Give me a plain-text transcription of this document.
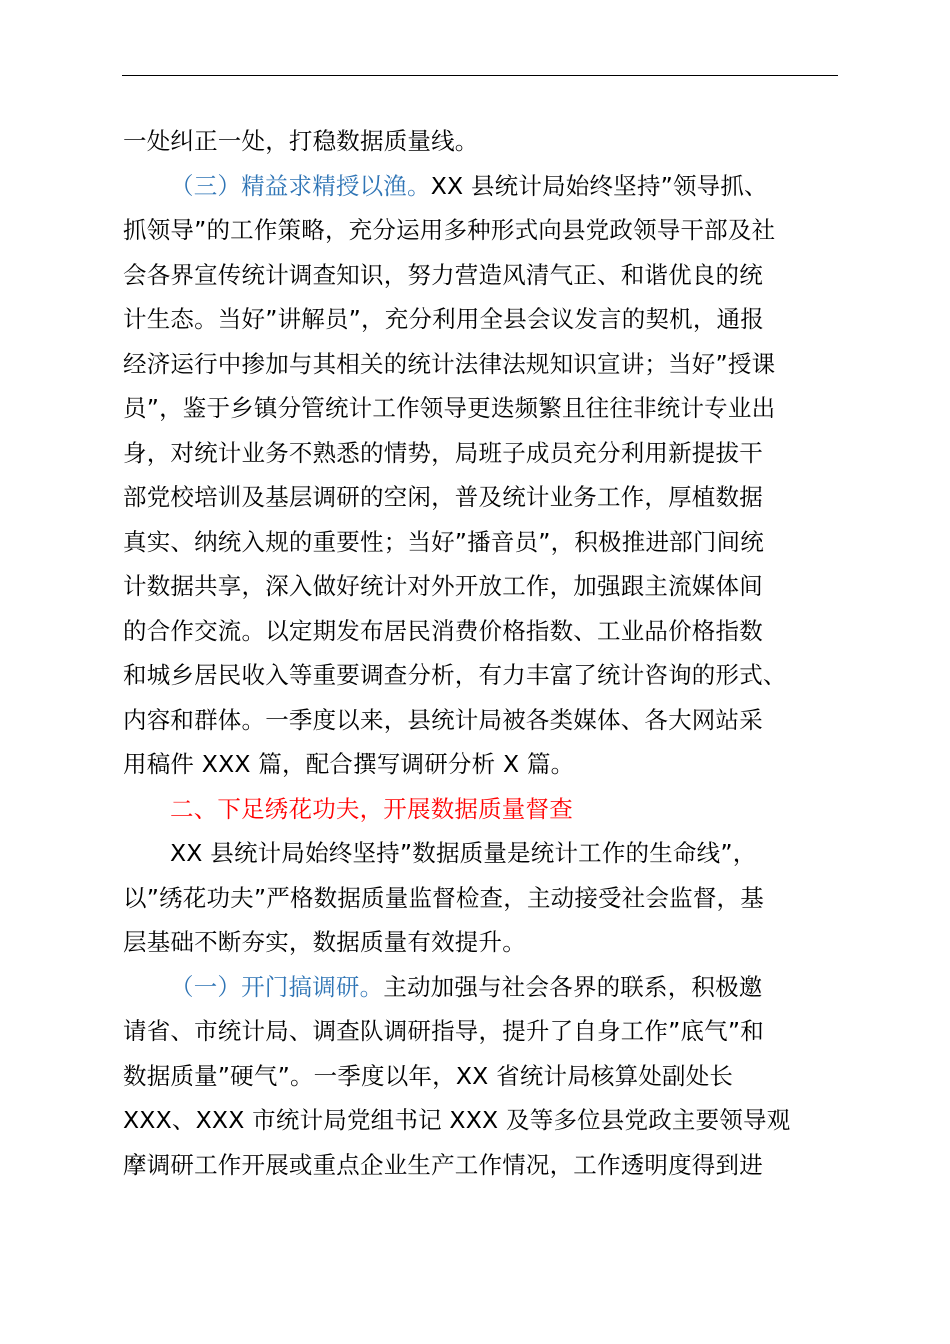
一处纠正一处，打稳数据质量线。
（三）精益求精授以渔。XX 县统计局始终坚持”领导抓、
抓领导”的工作策略，充分运用多种形式向县党政领导干部及社
会各界宣传统计调查知识，努力营造风清气正、和谐优良的统
计生态。当好”讲解员”，充分利用全县会议发言的契机，通报
经济运行中掺加与其相关的统计法律法规知识宣讲；当好”授课
员”，鉴于乡镇分管统计工作领导更迭频繁且往往非统计专业出
身，对统计业务不熟悉的情势，局班子成员充分利用新提拔干
部党校培训及基层调研的空闲，普及统计业务工作，厚植数据
真实、纳统入规的重要性；当好”播音员”，积极推进部门间统
计数据共享，深入做好统计对外开放工作，加强跟主流媒体间
的合作交流。以定期发布居民消费价格指数、工业品价格指数
和城乡居民收入等重要调查分析，有力丰富了统计咨询的形式、
内容和群体。一季度以来，县统计局被各类媒体、各大网站采
用稿件 XXX 篇，配合撰写调研分析 X 篇。
二、下足绣花功夫，开展数据质量督查
XX 县统计局始终坚持”数据质量是统计工作的生命线”，
以”绣花功夫”严格数据质量监督检查，主动接受社会监督，基
层基础不断夯实，数据质量有效提升。
（一）开门搞调研。主动加强与社会各界的联系，积极邀
请省、市统计局、调查队调研指导，提升了自身工作”底气”和
数据质量”硬气”。一季度以年，XX 省统计局核算处副处长
XXX、XXX 市统计局党组书记 XXX 及等多位县党政主要领导观
摩调研工作开展或重点企业生产工作情况，工作透明度得到进
